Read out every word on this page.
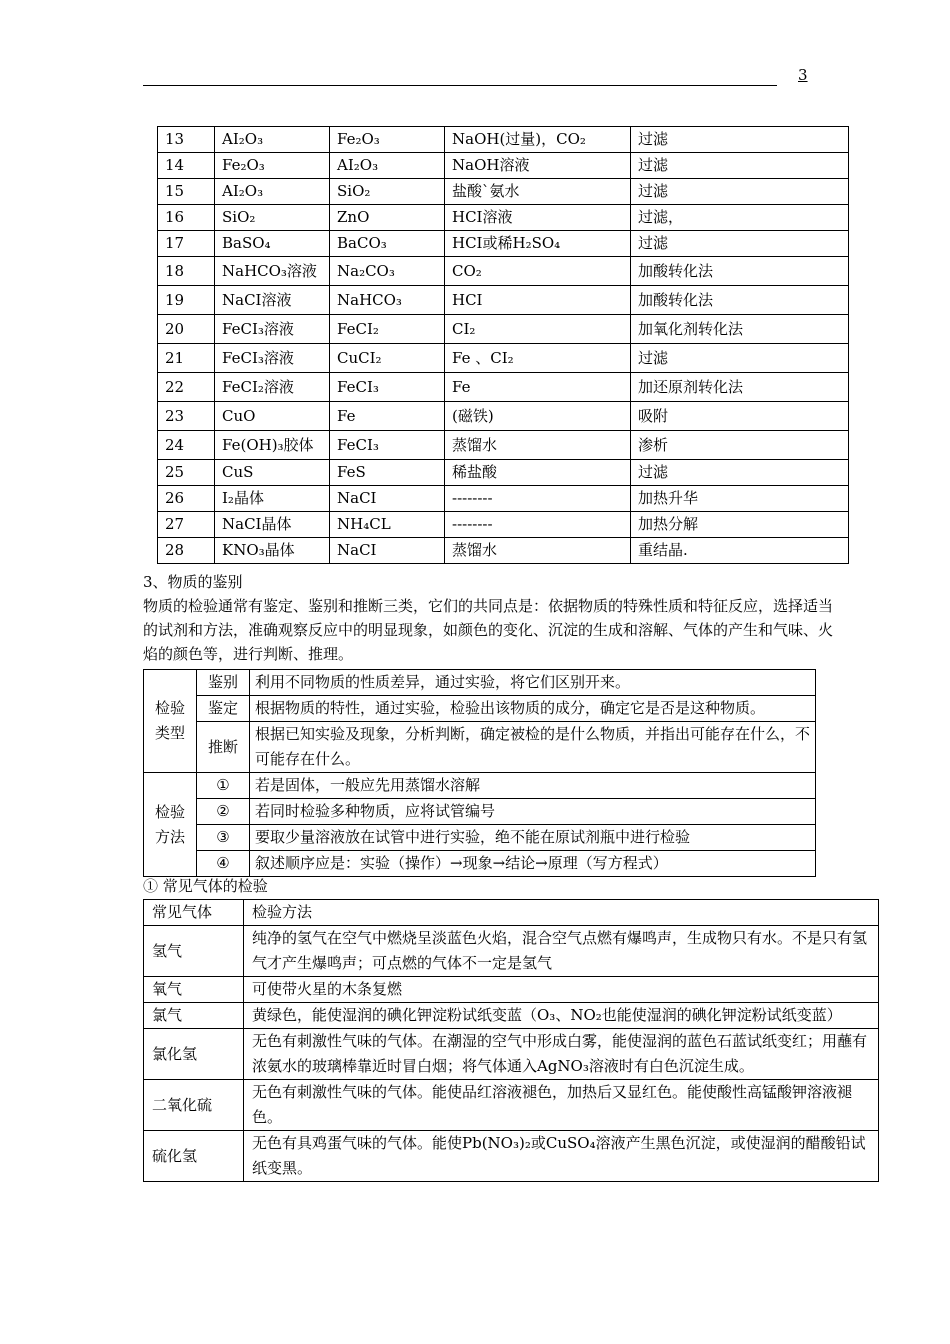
3
13	AI₂O₃	Fe₂O₃	NaOH(过量)，CO₂	过滤
14	Fe₂O₃	AI₂O₃	NaOH溶液	过滤
15	AI₂O₃	SiO₂	盐酸`氨水	过滤
16	SiO₂	ZnO	HCI溶液	过滤，
17	BaSO₄	BaCO₃	HCI或稀H₂SO₄	过滤
18	NaHCO₃溶液	Na₂CO₃	CO₂	加酸转化法
19	NaCI溶液	NaHCO₃	HCI	加酸转化法
20	FeCI₃溶液	FeCI₂	CI₂	加氧化剂转化法
21	FeCI₃溶液	CuCI₂	Fe 、CI₂	过滤
22	FeCI₂溶液	FeCI₃	Fe	加还原剂转化法
23	CuO	Fe	(磁铁)	吸附
24	Fe(OH)₃胶体	FeCI₃	蒸馏水	渗析
25	CuS	FeS	稀盐酸	过滤
26	I₂晶体	NaCI	--------	加热升华
27	NaCI晶体	NH₄CL	--------	加热分解
28	KNO₃晶体	NaCI	蒸馏水	重结晶.
3、物质的鉴别
物质的检验通常有鉴定、鉴别和推断三类，它们的共同点是：依据物质的特殊性质和特征反应，选择适当的试剂和方法，准确观察反应中的明显现象，如颜色的变化、沉淀的生成和溶解、气体的产生和气味、火焰的颜色等，进行判断、推理。
检验类型	鉴别	利用不同物质的性质差异，通过实验，将它们区别开来。
	鉴定	根据物质的特性，通过实验，检验出该物质的成分，确定它是否是这种物质。
	推断	根据已知实验及现象，分析判断，确定被检的是什么物质，并指出可能存在什么，不可能存在什么。
检验方法	①	若是固体，一般应先用蒸馏水溶解
	②	若同时检验多种物质，应将试管编号
	③	要取少量溶液放在试管中进行实验，绝不能在原试剂瓶中进行检验
	④	叙述顺序应是：实验（操作）→现象→结论→原理（写方程式）
① 常见气体的检验
常见气体	检验方法
氢气	纯净的氢气在空气中燃烧呈淡蓝色火焰，混合空气点燃有爆鸣声，生成物只有水。不是只有氢气才产生爆鸣声；可点燃的气体不一定是氢气
氧气	可使带火星的木条复燃
氯气	黄绿色，能使湿润的碘化钾淀粉试纸变蓝（O₃、NO₂也能使湿润的碘化钾淀粉试纸变蓝）
氯化氢	无色有刺激性气味的气体。在潮湿的空气中形成白雾，能使湿润的蓝色石蓝试纸变红；用蘸有浓氨水的玻璃棒靠近时冒白烟；将气体通入AgNO₃溶液时有白色沉淀生成。
二氧化硫	无色有刺激性气味的气体。能使品红溶液褪色，加热后又显红色。能使酸性高锰酸钾溶液褪色。
硫化氢	无色有具鸡蛋气味的气体。能使Pb(NO₃)₂或CuSO₄溶液产生黑色沉淀，或使湿润的醋酸铅试纸变黑。
